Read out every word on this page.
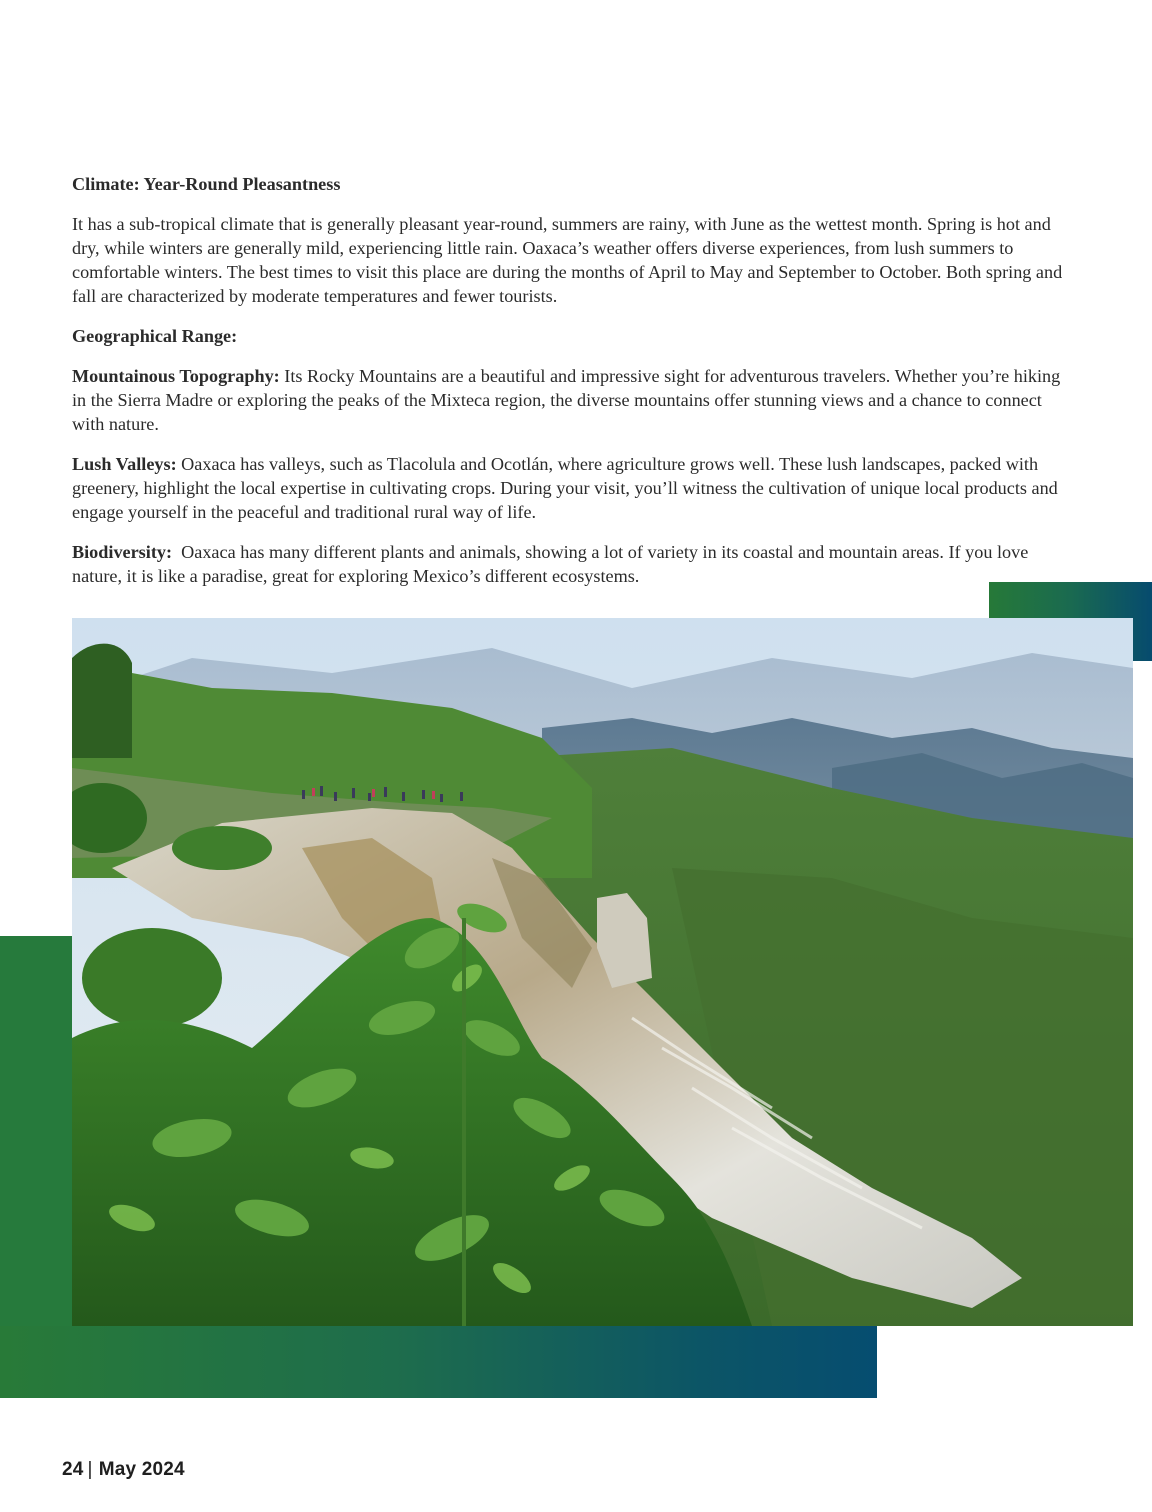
Climate: Year-Round Pleasantness

It has a sub-tropical climate that is generally pleasant year-round, summers are rainy, with June as the wettest month. Spring is hot and dry, while winters are generally mild, experiencing little rain. Oaxaca’s weather offers diverse experiences, from lush summers to comfortable winters. The best times to visit this place are during the months of April to May and September to October. Both spring and fall are characterized by moderate temperatures and fewer tourists.

Geographical Range:

Mountainous Topography: Its Rocky Mountains are a beautiful and impressive sight for adventurous travelers. Whether you’re hiking in the Sierra Madre or exploring the peaks of the Mixteca region, the diverse mountains offer stunning views and a chance to connect with nature.

Lush Valleys: Oaxaca has valleys, such as Tlacolula and Ocotlán, where agriculture grows well. These lush landscapes, packed with greenery, highlight the local expertise in cultivating crops. During your visit, you’ll witness the cultivation of unique local products and engage yourself in the peaceful and traditional rural way of life.

Biodiversity:  Oaxaca has many different plants and animals, showing a lot of variety in its coastal and mountain areas. If you love nature, it is like a paradise, great for exploring Mexico’s different ecosystems.

24 | May 2024
